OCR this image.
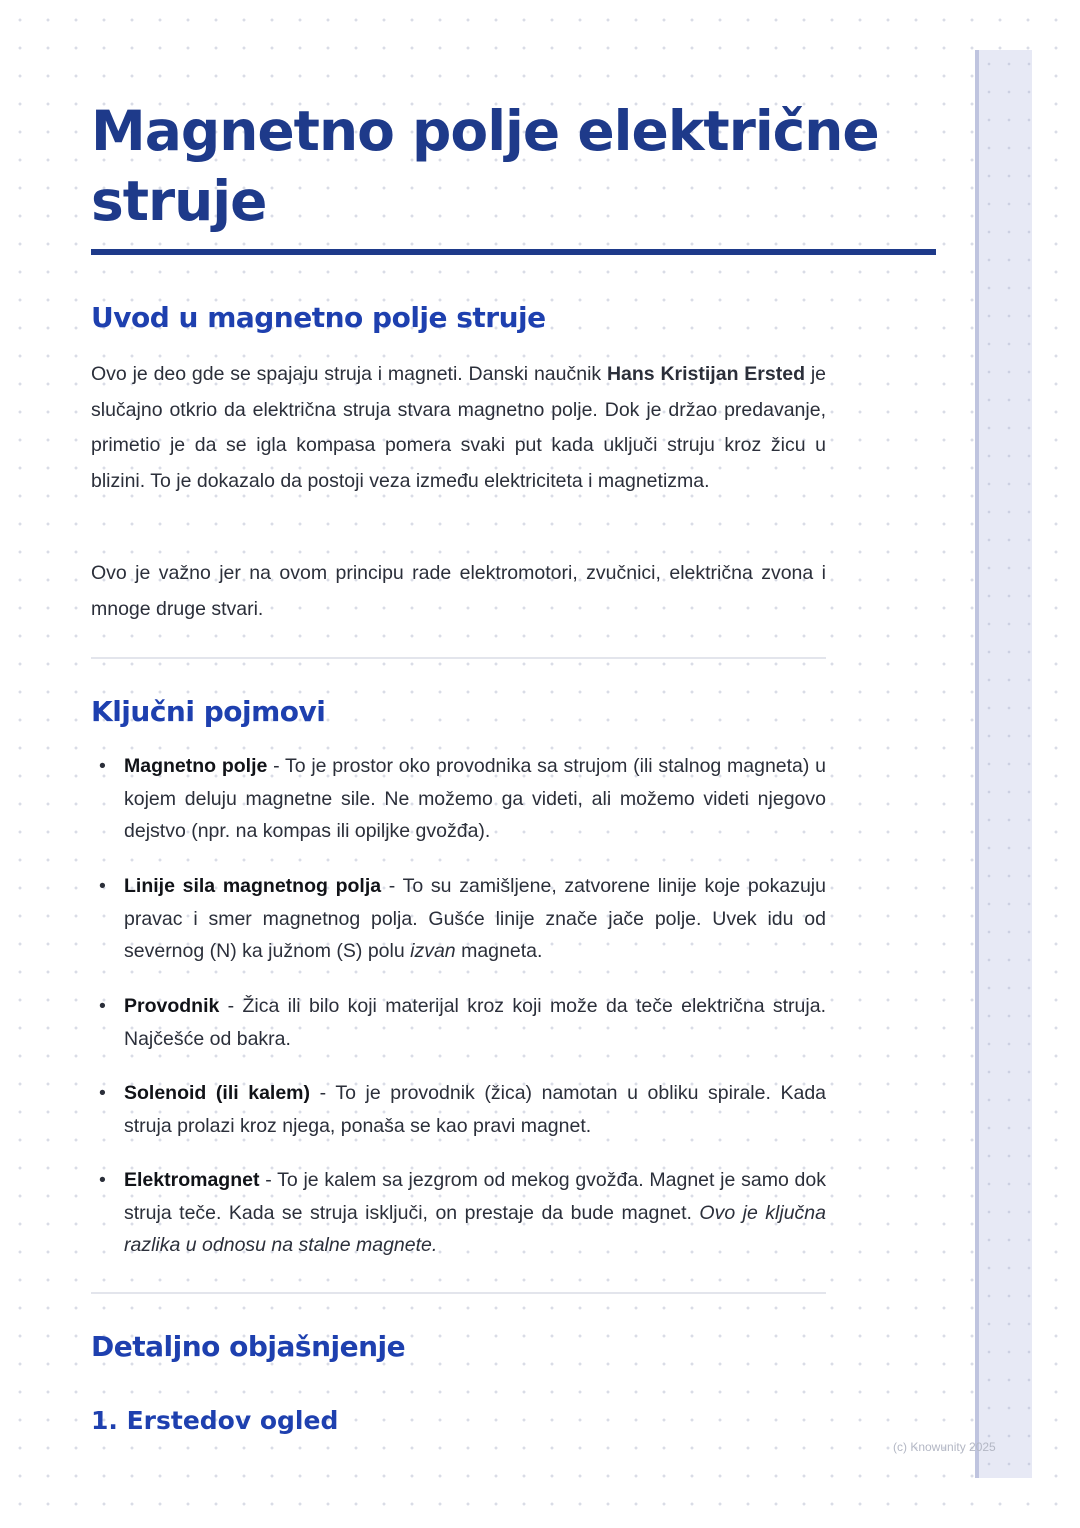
Magnetno polje električne struje
Uvod u magnetno polje struje

Ovo je deo gde se spajaju struja i magneti. Danski naučnik Hans Kristijan Ersted je slučajno otkrio da električna struja stvara magnetno polje. Dok je držao predavanje, primetio je da se igla kompasa pomera svaki put kada uključi struju kroz žicu u blizini. To je dokazalo da postoji veza između elektriciteta i magnetizma.

Ovo je važno jer na ovom principu rade elektromotori, zvučnici, električna zvona i mnoge druge stvari.

Ključni pojmovi
• Magnetno polje - To je prostor oko provodnika sa strujom (ili stalnog magneta) u kojem deluju magnetne sile. Ne možemo ga videti, ali možemo videti njegovo dejstvo (npr. na kompas ili opiljke gvožđa).
• Linije sila magnetnog polja - To su zamišljene, zatvorene linije koje pokazuju pravac i smer magnetnog polja. Gušće linije znače jače polje. Uvek idu od severnog (N) ka južnom (S) polu izvan magneta.
• Provodnik - Žica ili bilo koji materijal kroz koji može da teče električna struja. Najčešće od bakra.
• Solenoid (ili kalem) - To je provodnik (žica) namotan u obliku spirale. Kada struja prolazi kroz njega, ponaša se kao pravi magnet.
• Elektromagnet - To je kalem sa jezgrom od mekog gvožđa. Magnet je samo dok struja teče. Kada se struja isključi, on prestaje da bude magnet. Ovo je ključna razlika u odnosu na stalne magnete.
Detaljno objašnjenje
1. Erstedov ogled
(c) Knowunity 2025
